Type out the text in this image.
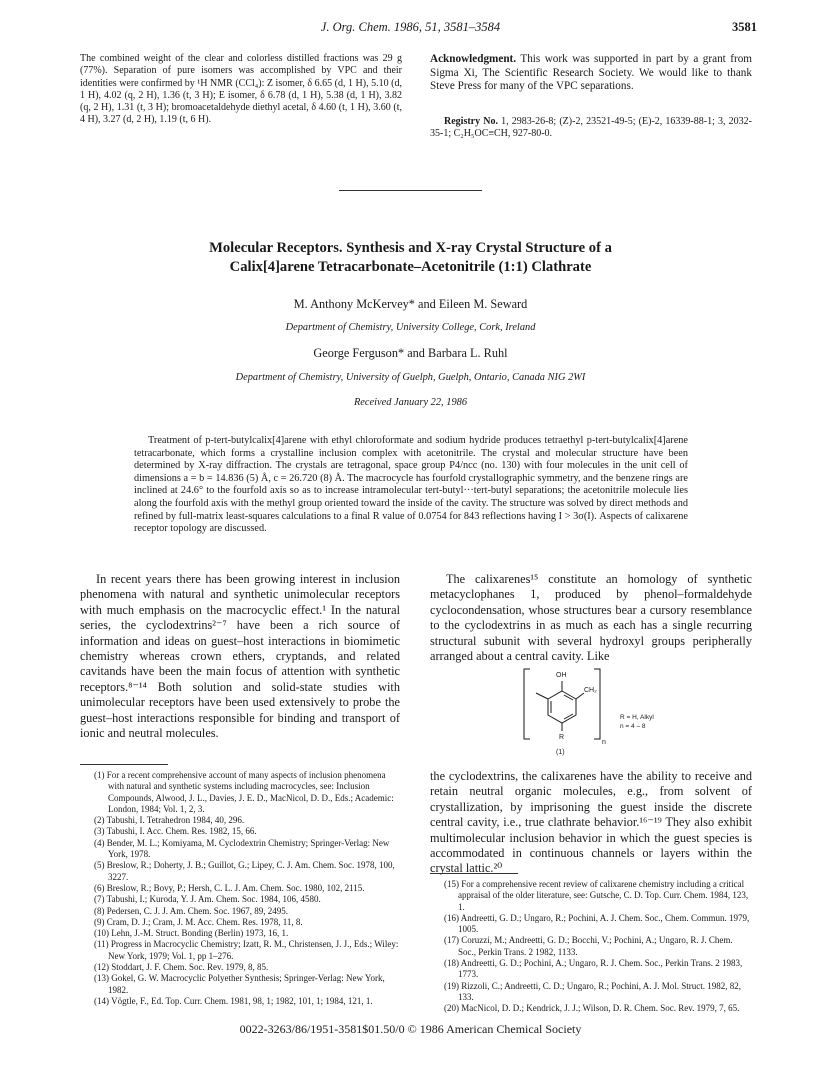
J. Org. Chem. 1986, 51, 3581–3584	3581
The combined weight of the clear and colorless distilled fractions was 29 g (77%). Separation of pure isomers was accomplished by VPC and their identities were confirmed by ¹H NMR (CCl₄): Z isomer, δ 6.65 (d, 1 H), 5.10 (d, 1 H), 4.02 (q, 2 H), 1.36 (t, 3 H); E isomer, δ 6.78 (d, 1 H), 5.38 (d, 1 H), 3.82 (q, 2 H), 1.31 (t, 3 H); bromoacetaldehyde diethyl acetal, δ 4.60 (t, 1 H), 3.60 (t, 4 H), 3.27 (d, 2 H), 1.19 (t, 6 H).
Acknowledgment. This work was supported in part by a grant from Sigma Xi, The Scientific Research Society. We would like to thank Steve Press for many of the VPC separations.
Registry No. 1, 2983-26-8; (Z)-2, 23521-49-5; (E)-2, 16339-88-1; 3, 2032-35-1; C₂H₅OC≡CH, 927-80-0.
Molecular Receptors. Synthesis and X-ray Crystal Structure of a
Calix[4]arene Tetracarbonate–Acetonitrile (1:1) Clathrate
M. Anthony McKervey* and Eileen M. Seward
Department of Chemistry, University College, Cork, Ireland
George Ferguson* and Barbara L. Ruhl
Department of Chemistry, University of Guelph, Guelph, Ontario, Canada NIG 2WI
Received January 22, 1986
Treatment of p-tert-butylcalix[4]arene with ethyl chloroformate and sodium hydride produces tetraethyl p-tert-butylcalix[4]arene tetracarbonate, which forms a crystalline inclusion complex with acetonitrile. The crystal and molecular structure have been determined by X-ray diffraction. The crystals are tetragonal, space group P4/ncc (no. 130) with four molecules in the unit cell of dimensions a = b = 14.836 (5) Å, c = 26.720 (8) Å. The macrocycle has fourfold crystallographic symmetry, and the benzene rings are inclined at 24.6° to the fourfold axis so as to increase intramolecular tert-butyl···tert-butyl separations; the acetonitrile molecule lies along the fourfold axis with the methyl group oriented toward the inside of the cavity. The structure was solved by direct methods and refined by full-matrix least-squares calculations to a final R value of 0.0754 for 843 reflections having I > 3σ(I). Aspects of calixarene receptor topology are discussed.
In recent years there has been growing interest in inclusion phenomena with natural and synthetic unimolecular receptors with much emphasis on the macrocyclic effect.¹ In the natural series, the cyclodextrins²⁻⁷ have been a rich source of information and ideas on guest–host interactions in biomimetic chemistry whereas crown ethers, cryptands, and related cavitands have been the main focus of attention with synthetic receptors.⁸⁻¹⁴ Both solution and solid-state studies with unimolecular receptors have been used extensively to probe the guest–host interactions responsible for binding and transport of ionic and neutral molecules.
The calixarenes¹⁵ constitute an homology of synthetic metacyclophanes 1, produced by phenol–formaldehyde cyclocondensation, whose structures bear a cursory resemblance to the cyclodextrins in as much as each has a single recurring structural subunit with several hydroxyl groups peripherally arranged about a central cavity. Like
OH
CH₂
R
n
(1)
R = H, Alkyl
n = 4 – 8
the cyclodextrins, the calixarenes have the ability to receive and retain neutral organic molecules, e.g., from solvent of crystallization, by imprisoning the guest inside the discrete central cavity, i.e., true clathrate behavior.¹⁶⁻¹⁹ They also exhibit multimolecular inclusion behavior in which the guest species is accommodated in continuous channels or layers within the crystal lattic.²⁰
(1) For a recent comprehensive account of many aspects of inclusion phenomena with natural and synthetic systems including macrocycles, see: Inclusion Compounds, Alwood, J. L., Davies, J. E. D., MacNicol, D. D., Eds.; Academic: London, 1984; Vol. 1, 2, 3.
(2) Tabushi, I. Tetrahedron 1984, 40, 296.
(3) Tabushi, I. Acc. Chem. Res. 1982, 15, 66.
(4) Bender, M. L.; Komiyama, M. Cyclodextrin Chemistry; Springer-Verlag: New York, 1978.
(5) Breslow, R.; Doherty, J. B.; Guillot, G.; Lipey, C. J. Am. Chem. Soc. 1978, 100, 3227.
(6) Breslow, R.; Bovy, P.; Hersh, C. L. J. Am. Chem. Soc. 1980, 102, 2115.
(7) Tabushi, I.; Kuroda, Y. J. Am. Chem. Soc. 1984, 106, 4580.
(8) Pedersen, C. J. J. Am. Chem. Soc. 1967, 89, 2495.
(9) Cram, D. J.; Cram, J. M. Acc. Chem. Res. 1978, 11, 8.
(10) Lehn, J.-M. Struct. Bonding (Berlin) 1973, 16, 1.
(11) Progress in Macrocyclic Chemistry; Izatt, R. M., Christensen, J. J., Eds.; Wiley: New York, 1979; Vol. 1, pp 1–276.
(12) Stoddart, J. F. Chem. Soc. Rev. 1979, 8, 85.
(13) Gokel, G. W. Macrocyclic Polyether Synthesis; Springer-Verlag: New York, 1982.
(14) Vögtle, F., Ed. Top. Curr. Chem. 1981, 98, 1; 1982, 101, 1; 1984, 121, 1.
(15) For a comprehensive recent review of calixarene chemistry including a critical appraisal of the older literature, see: Gutsche, C. D. Top. Curr. Chem. 1984, 123, 1.
(16) Andreetti, G. D.; Ungaro, R.; Pochini, A. J. Chem. Soc., Chem. Commun. 1979, 1005.
(17) Coruzzi, M.; Andreetti, G. D.; Bocchi, V.; Pochini, A.; Ungaro, R. J. Chem. Soc., Perkin Trans. 2 1982, 1133.
(18) Andreetti, G. D.; Pochini, A.; Ungaro, R. J. Chem. Soc., Perkin Trans. 2 1983, 1773.
(19) Rizzoli, C.; Andreetti, C. D.; Ungaro, R.; Pochini, A. J. Mol. Struct. 1982, 82, 133.
(20) MacNicol, D. D.; Kendrick, J. J.; Wilson, D. R. Chem. Soc. Rev. 1979, 7, 65.
0022-3263/86/1951-3581$01.50/0 © 1986 American Chemical Society
